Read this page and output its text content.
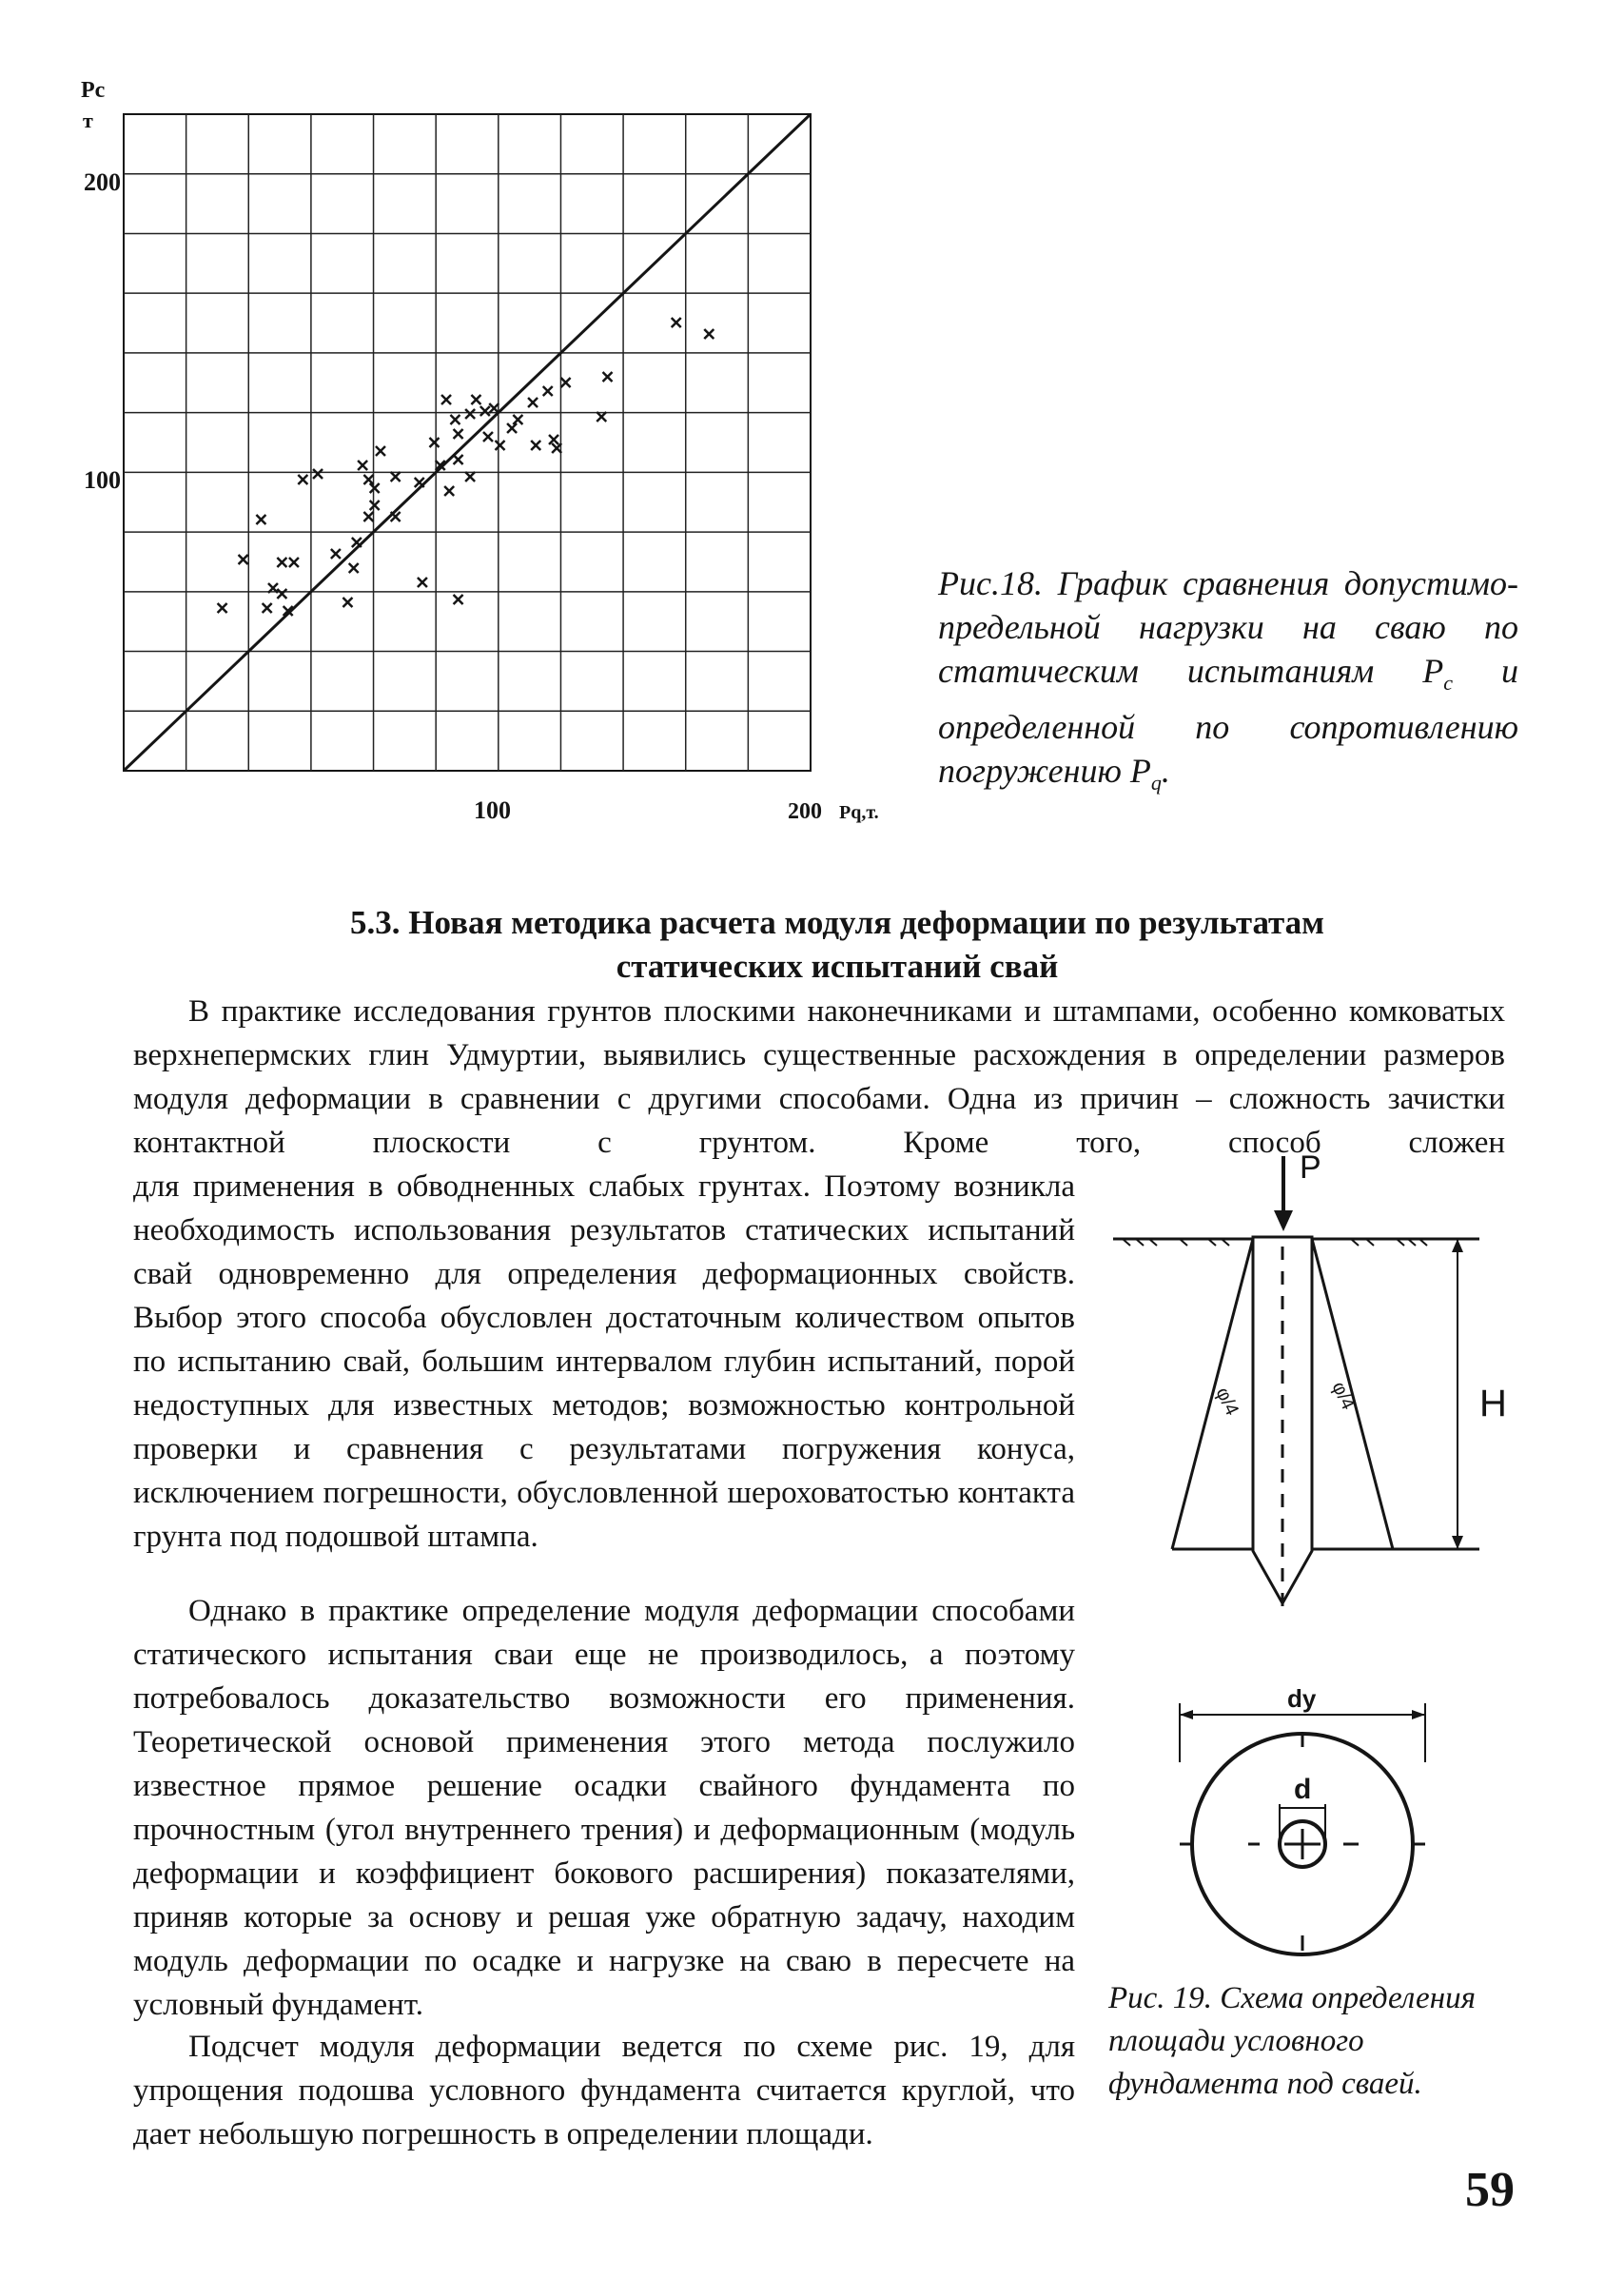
Pc
т
200
100
100	200 Pq,т.
Рис.18. График сравнения допустимо-предельной нагрузки на сваю по статическим испытаниям $P_c$ и определенной по сопротивлению погружению $P_q$.
5.3. Новая методика расчета модуля деформации по результатам
статических испытаний свай

В практике исследования грунтов плоскими наконечниками и штампами, особенно комковатых верхнепермских глин Удмуртии, выявились существенные расхождения в определении размеров модуля деформации в сравнении с другими способами. Одна из причин – сложность зачистки контактной плоскости с грунтом. Кроме того, способ сложен

для применения в обводненных слабых грунтах. Поэтому возникла необходимость использования результатов статических испытаний свай одновременно для определения деформационных свойств. Выбор этого способа обусловлен достаточным количеством опытов по испытанию свай, большим интервалом глубин испытаний, порой недоступных для известных методов; возможностью контрольной проверки и сравнения с результатами погружения конуса, исключением погрешности, обусловленной шероховатостью контакта грунта под подошвой штампа.

Однако в практике определение модуля деформации способами статического испытания сваи еще не производилось, а поэтому потребовалось доказательство возможности его применения. Теоретической основой применения этого метода послужило известное прямое решение осадки свайного фундамента по прочностным (угол внутреннего трения) и деформационным (модуль деформации и коэффициент бокового расширения) показателями, приняв которые за основу и решая уже обратную задачу, находим модуль деформации по осадке и нагрузке на сваю в пересчете на условный фундамент.

Подсчет модуля деформации ведется по схеме рис. 19, для упрощения подошва условного фундамента считается круглой, что дает небольшую погрешность в определении площади.

P
φ/4	φ/4	H
dу
d
Рис. 19. Схема определения площади условного фундамента под сваей.
59
